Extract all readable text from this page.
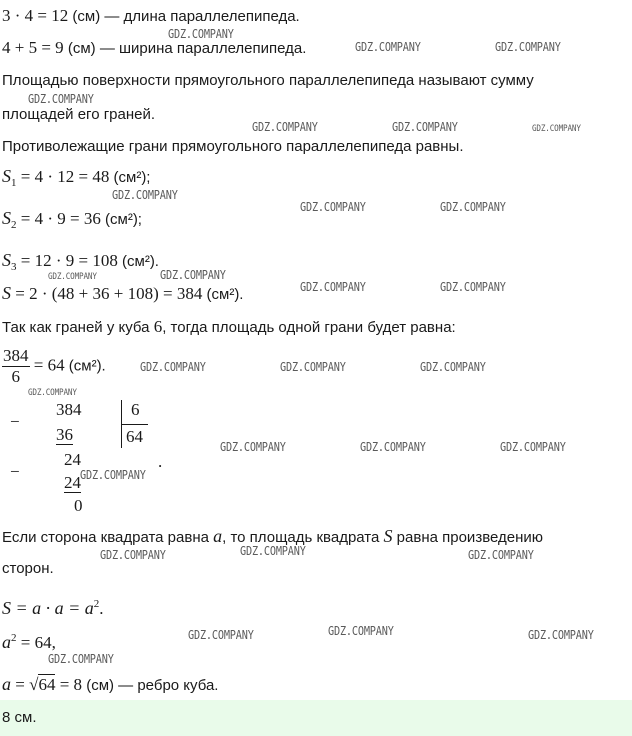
3 · 4 = 12 (см) — длина параллелепипеда.
4 + 5 = 9 (см) — ширина параллелепипеда.
Площадью поверхности прямоугольного параллелепипеда называют сумму
площадей его граней.
Противолежащие грани прямоугольного параллелепипеда равны.
$S_1 = 4 \cdot 12 = 48$ (см²);
$S_2 = 4 \cdot 9 = 36$ (см²);
$S_3 = 12 \cdot 9 = 108$ (см²).
S = 2 · (48 + 36 + 108) = 384 (см²).
Так как граней у куба 6, тогда площадь одной грани будет равна:
$\frac{384}{6} = 64$ (см²).
−
384
36
6
64
−
24
24
0
.
Если сторона квадрата равна a, то площадь квадрата S равна произведению
сторон.
$S = a \cdot a = a^2$.
$a^2 = 64$,
a = √64 = 8 (см) — ребро куба.
8 см.
GDZ.COMPANY
GDZ.COMPANY	GDZ.COMPANY
GDZ.COMPANY
GDZ.COMPANY	GDZ.COMPANY	GDZ.COMPANY
GDZ.COMPANY
GDZ.COMPANY	GDZ.COMPANY
GDZ.COMPANY	GDZ.COMPANY
GDZ.COMPANY	GDZ.COMPANY
GDZ.COMPANY	GDZ.COMPANY	GDZ.COMPANY
GDZ.COMPANY
GDZ.COMPANY	GDZ.COMPANY	GDZ.COMPANY
GDZ.COMPANY
GDZ.COMPANY	GDZ.COMPANY	GDZ.COMPANY
GDZ.COMPANY	GDZ.COMPANY	GDZ.COMPANY
GDZ.COMPANY
